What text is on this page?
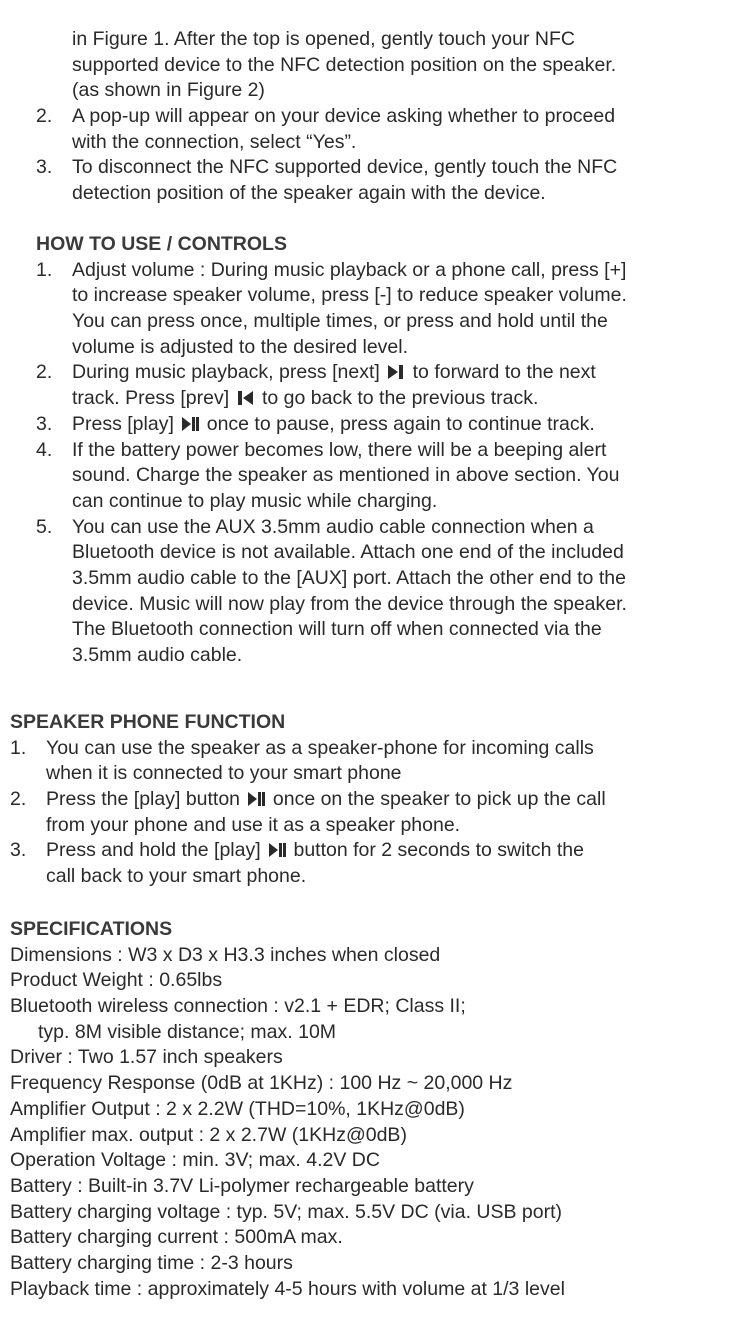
in Figure 1. After the top is opened, gently touch your NFC
supported device to the NFC detection position on the speaker.
(as shown in Figure 2)
2.	A pop-up will appear on your device asking whether to proceed
with the connection, select “Yes”.
3.	To disconnect the NFC supported device, gently touch the NFC
detection position of the speaker again with the device.
HOW TO USE / CONTROLS
1.	Adjust volume : During music playback or a phone call, press [+]
to increase speaker volume, press [-] to reduce speaker volume.
You can press once, multiple times, or press and hold until the
volume is adjusted to the desired level.
2.	During music playback, press [next] to forward to the next
track. Press [prev] to go back to the previous track.
3.	Press [play] once to pause, press again to continue track.
4.	If the battery power becomes low, there will be a beeping alert
sound. Charge the speaker as mentioned in above section. You
can continue to play music while charging.
5.	You can use the AUX 3.5mm audio cable connection when a
Bluetooth device is not available. Attach one end of the included
3.5mm audio cable to the [AUX] port. Attach the other end to the
device. Music will now play from the device through the speaker.
The Bluetooth connection will turn off when connected via the
3.5mm audio cable.
SPEAKER PHONE FUNCTION
1.	You can use the speaker as a speaker-phone for incoming calls
when it is connected to your smart phone
2.	Press the [play] button once on the speaker to pick up the call
from your phone and use it as a speaker phone.
3.	Press and hold the [play] button for 2 seconds to switch the
call back to your smart phone.
SPECIFICATIONS
Dimensions : W3 x D3 x H3.3 inches when closed
Product Weight : 0.65lbs
Bluetooth wireless connection : v2.1 + EDR; Class II;
typ. 8M visible distance; max. 10M
Driver : Two 1.57 inch speakers
Frequency Response (0dB at 1KHz) : 100 Hz ~ 20,000 Hz
Amplifier Output : 2 x 2.2W (THD=10%, 1KHz@0dB)
Amplifier max. output : 2 x 2.7W (1KHz@0dB)
Operation Voltage : min. 3V; max. 4.2V DC
Battery : Built-in 3.7V Li-polymer rechargeable battery
Battery charging voltage : typ. 5V; max. 5.5V DC (via. USB port)
Battery charging current : 500mA max.
Battery charging time : 2-3 hours
Playback time : approximately 4-5 hours with volume at 1/3 level
